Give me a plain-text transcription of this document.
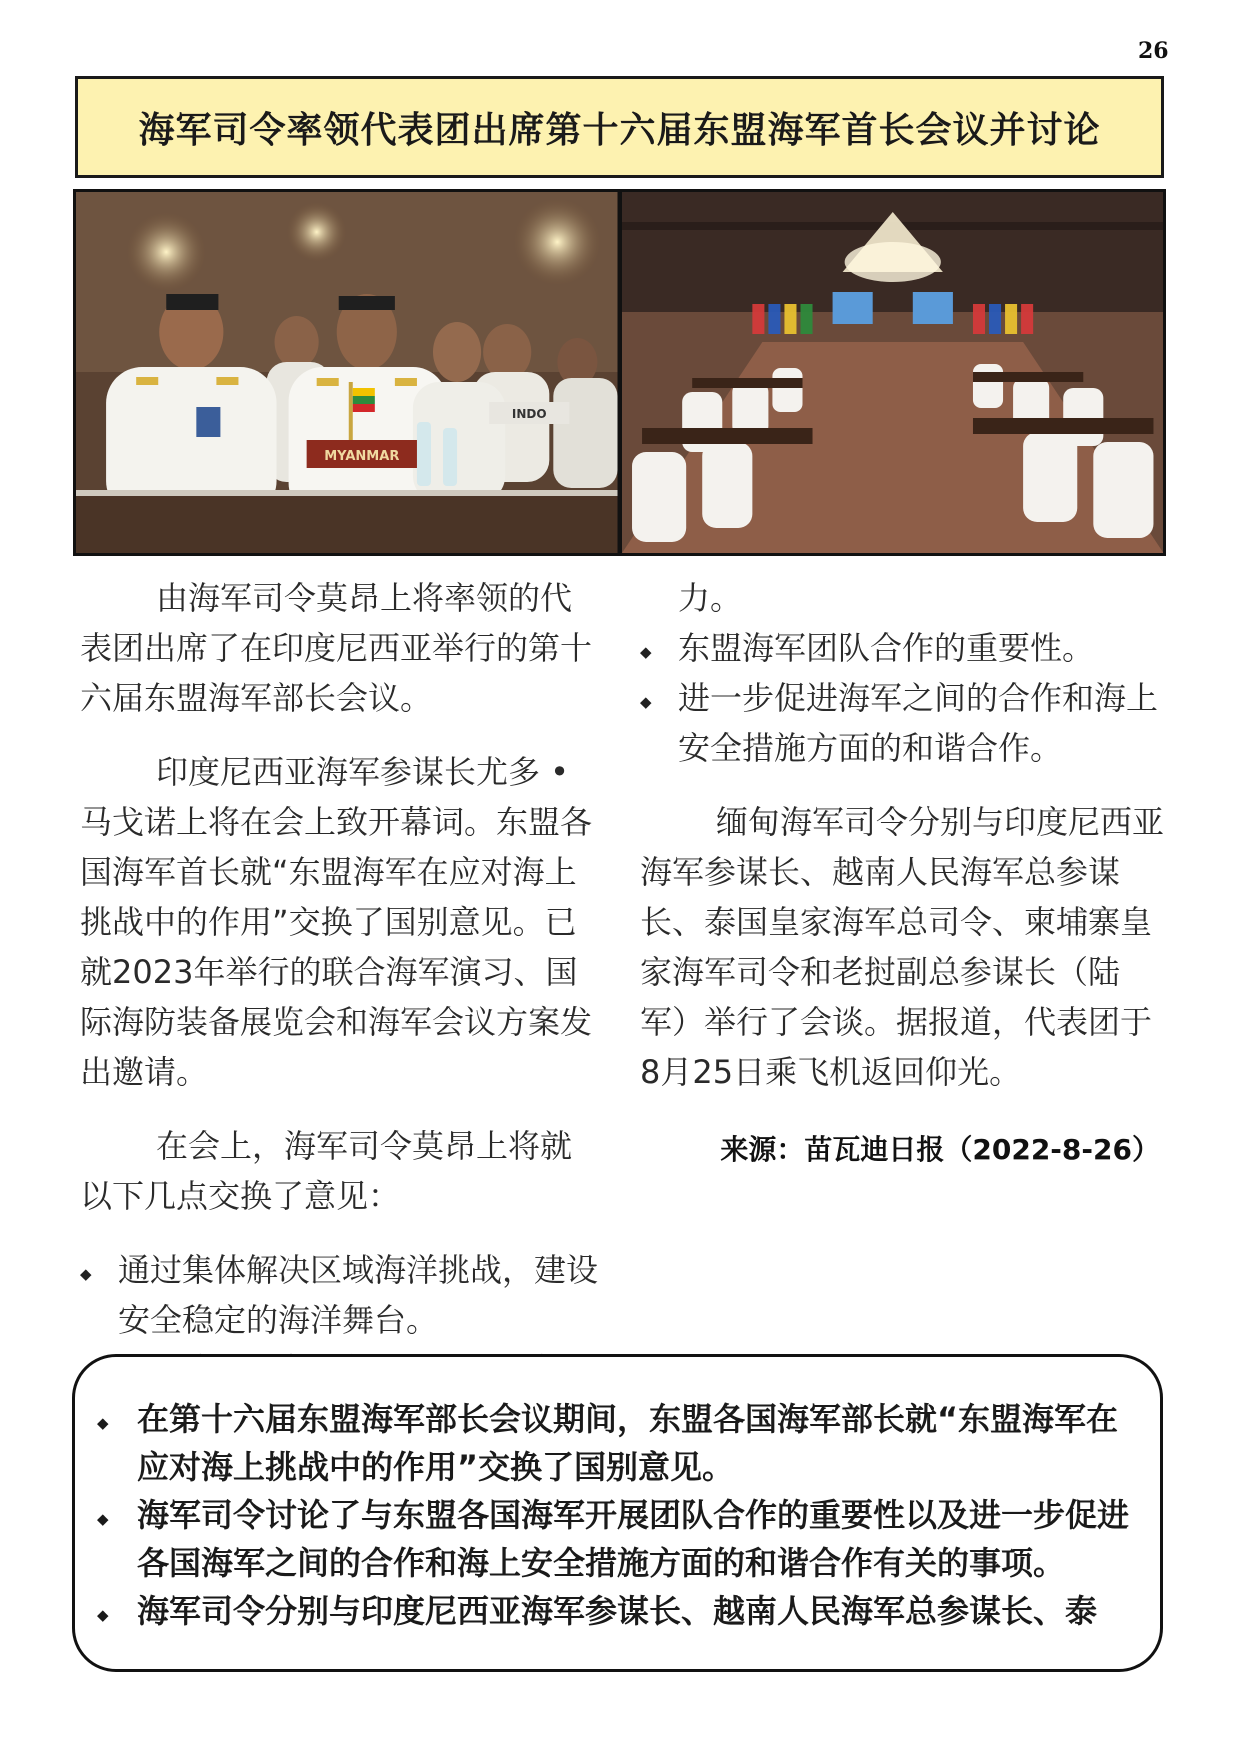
26
海军司令率领代表团出席第十六届东盟海军首长会议并讨论
MYANMAR
INDO

由海军司令莫昂上将率领的代表团出席了在印度尼西亚举行的第十六届东盟海军部长会议。

印度尼西亚海军参谋长尤多 • 马戈诺上将在会上致开幕词。东盟各国海军首长就“东盟海军在应对海上挑战中的作用”交换了国别意见。已就2023年举行的联合海军演习、国际海防装备展览会和海军会议方案发出邀请。

在会上，海军司令莫昂上将就以下几点交换了意见：

◆ 通过集体解决区域海洋挑战，建设安全稳定的海洋舞台。
力。
◆ 东盟海军团队合作的重要性。
◆ 进一步促进海军之间的合作和海上安全措施方面的和谐合作。

缅甸海军司令分别与印度尼西亚海军参谋长、越南人民海军总参谋长、泰国皇家海军总司令、柬埔寨皇家海军司令和老挝副总参谋长（陆军）举行了会谈。据报道，代表团于8月25日乘飞机返回仰光。

来源：苗瓦迪日报（2022-8-26）
◆ 在第十六届东盟海军部长会议期间，东盟各国海军部长就“东盟海军在应对海上挑战中的作用”交换了国别意见。
◆ 海军司令讨论了与东盟各国海军开展团队合作的重要性以及进一步促进各国海军之间的合作和海上安全措施方面的和谐合作有关的事项。
◆ 海军司令分别与印度尼西亚海军参谋长、越南人民海军总参谋长、泰
